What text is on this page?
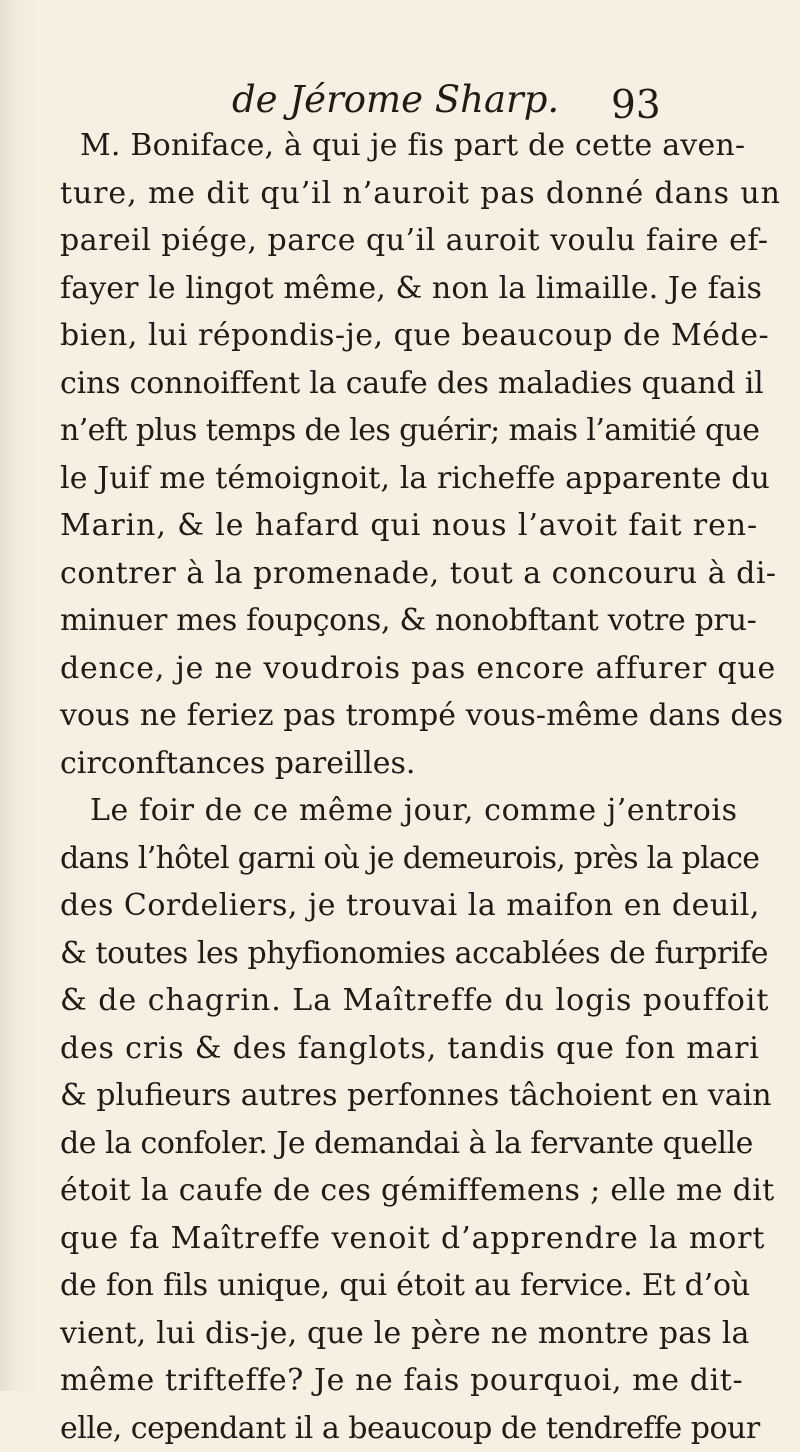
de Jérome Sharp. 93
M. Boniface, à qui je fis part de cette aven-
ture, me dit qu’il n’auroit pas donné dans un
pareil piége, parce qu’il auroit voulu faire ef-
fayer le lingot même, & non la limaille. Je fais
bien, lui répondis-je, que beaucoup de Méde-
cins connoiffent la caufe des maladies quand il
n’eft plus temps de les guérir; mais l’amitié que
le Juif me témoignoit, la richeffe apparente du
Marin, & le hafard qui nous l’avoit fait ren-
contrer à la promenade, tout a concouru à di-
minuer mes foupçons, & nonobftant votre pru-
dence, je ne voudrois pas encore affurer que
vous ne feriez pas trompé vous-même dans des
circonftances pareilles.
Le foir de ce même jour, comme j’entrois
dans l’hôtel garni où je demeurois, près la place
des Cordeliers, je trouvai la maifon en deuil,
& toutes les phyfionomies accablées de furprife
& de chagrin. La Maîtreffe du logis pouffoit
des cris & des fanglots, tandis que fon mari
& plufieurs autres perfonnes tâchoient en vain
de la confoler. Je demandai à la fervante quelle
étoit la caufe de ces gémiffemens ; elle me dit
que fa Maîtreffe venoit d’apprendre la mort
de fon fils unique, qui étoit au fervice. Et d’où
vient, lui dis-je, que le père ne montre pas la
même trifteffe? Je ne fais pourquoi, me dit-
elle, cependant il a beaucoup de tendreffe pour
